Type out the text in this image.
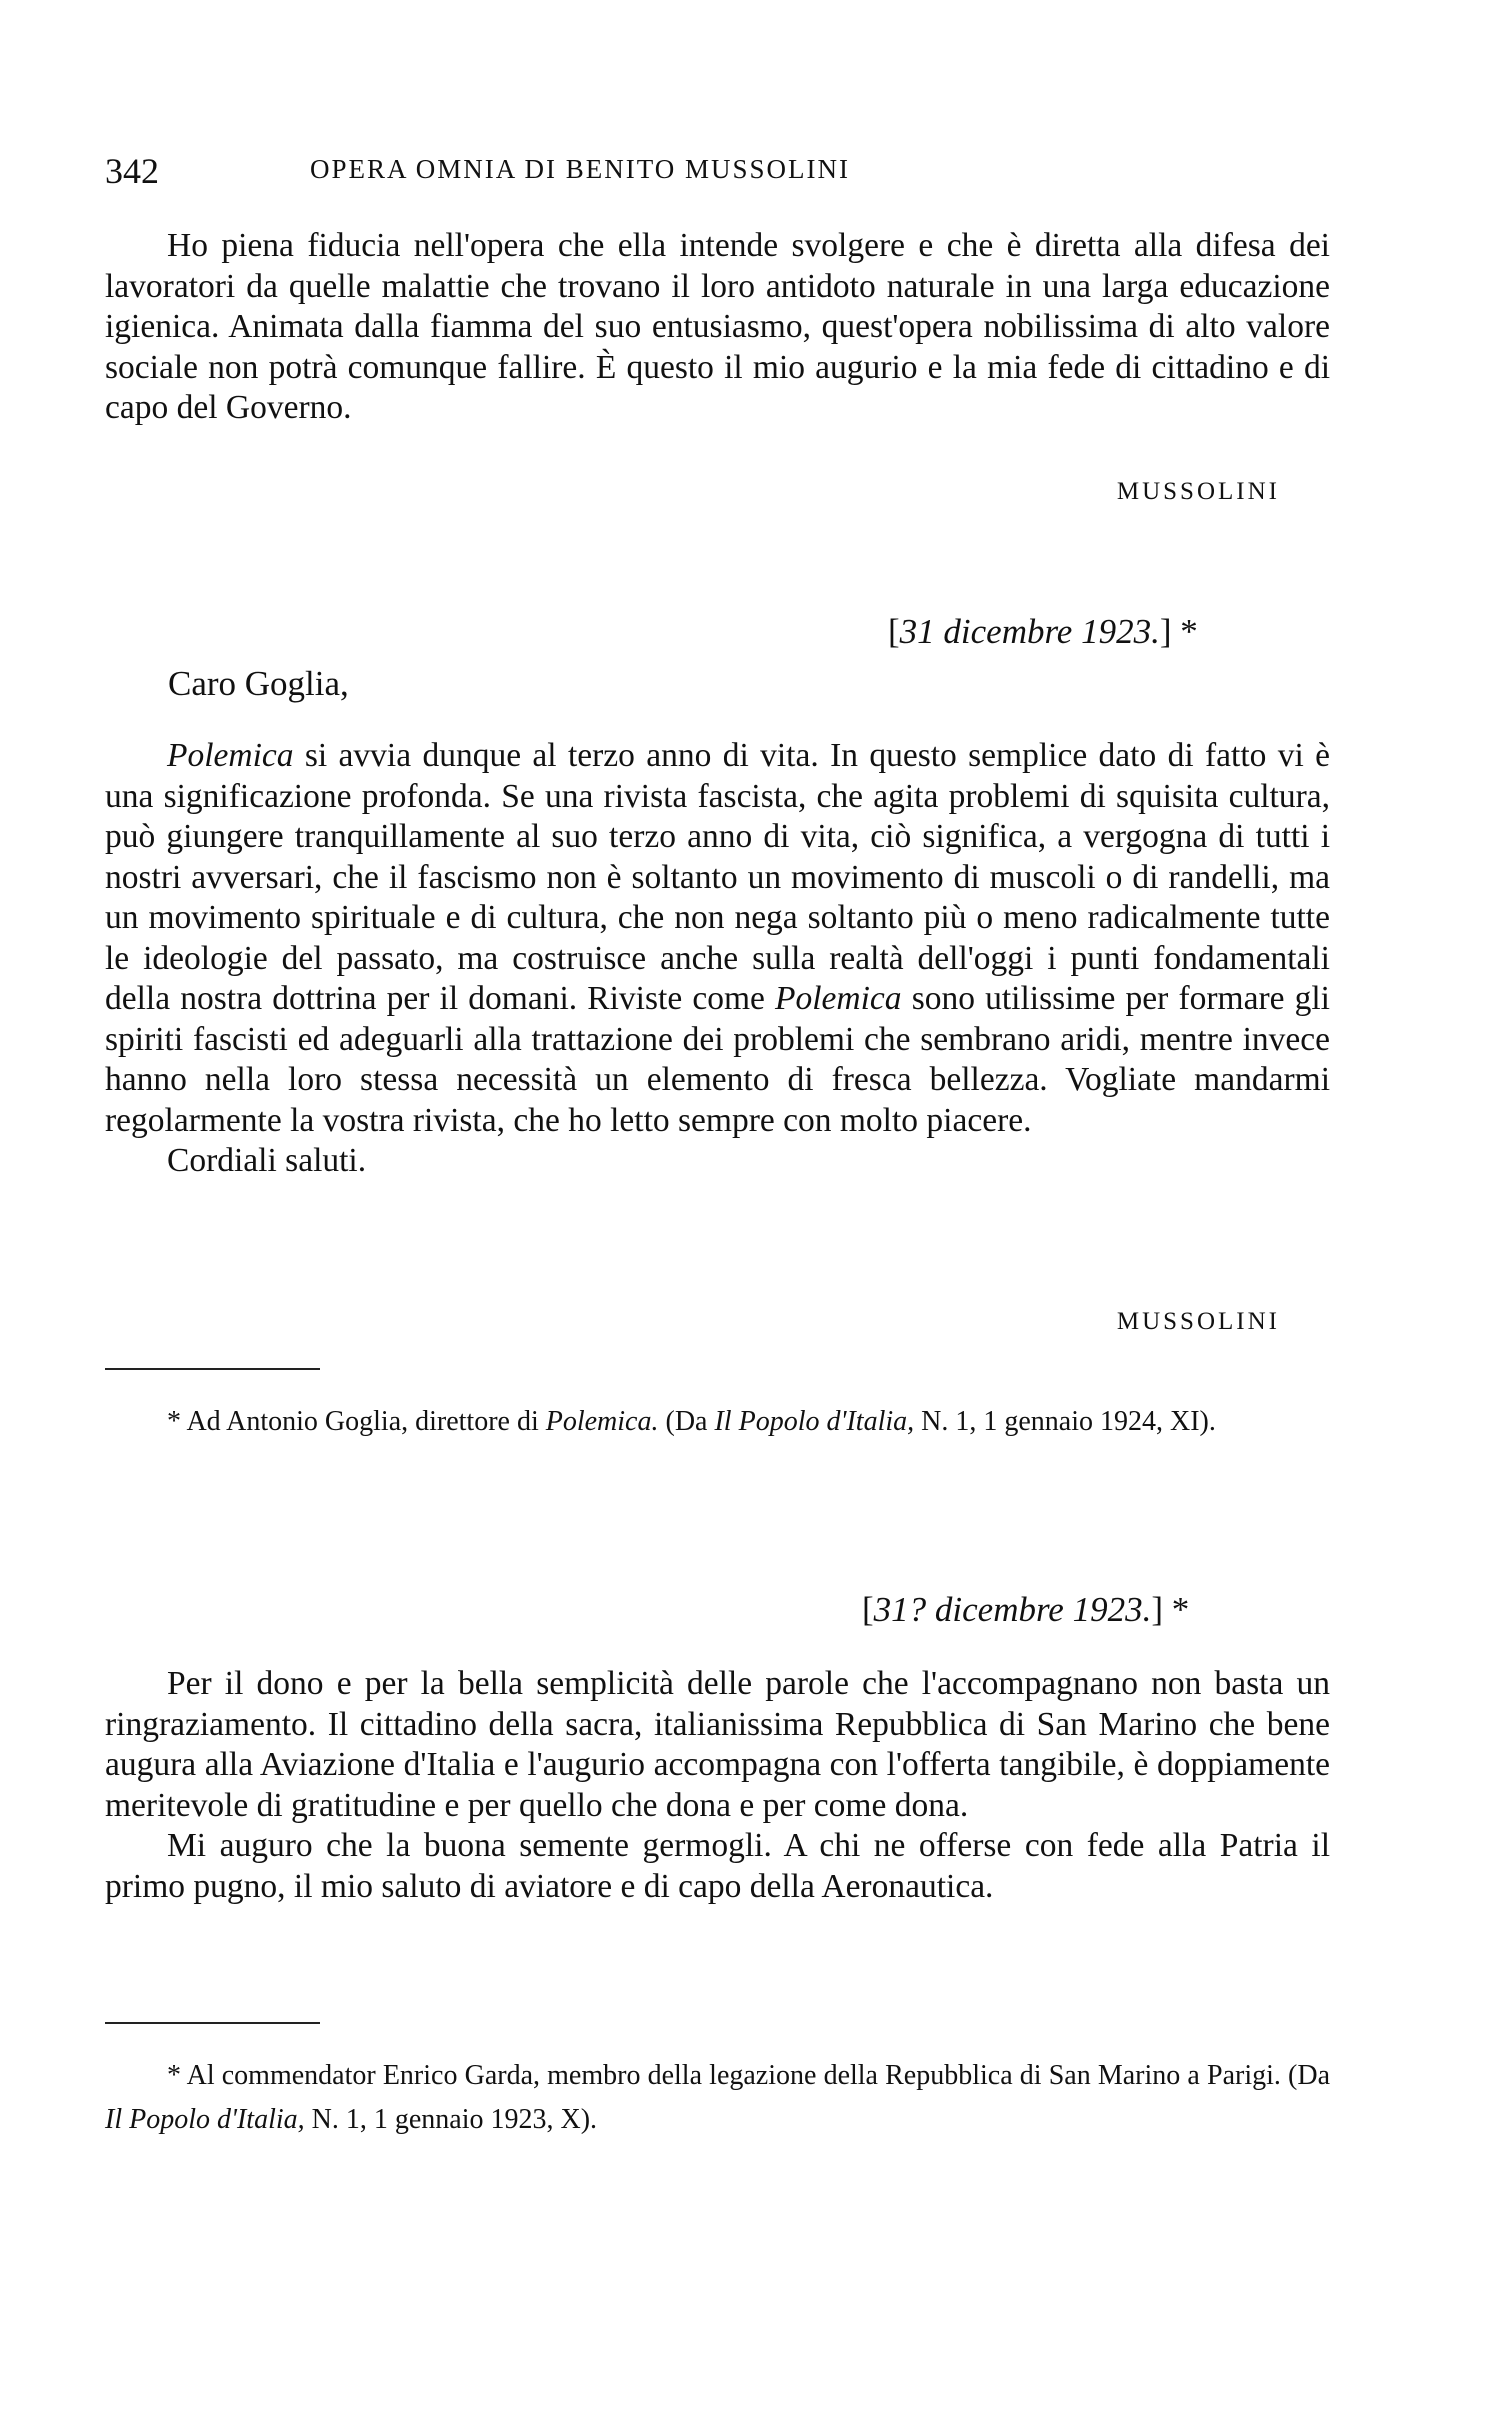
342	OPERA OMNIA DI BENITO MUSSOLINI

Ho piena fiducia nell'opera che ella intende svolgere e che è diretta alla difesa dei lavoratori da quelle malattie che trovano il loro antidoto naturale in una larga educazione igienica. Animata dalla fiamma del suo entusiasmo, quest'opera nobilissima di alto valore sociale non potrà comunque fallire. È questo il mio augurio e la mia fede di cittadino e di capo del Governo.

MUSSOLINI
[31 dicembre 1923.] *
Caro Goglia,

Polemica si avvia dunque al terzo anno di vita. In questo semplice dato di fatto vi è una significazione profonda. Se una rivista fascista, che agita problemi di squisita cultura, può giungere tranquillamente al suo terzo anno di vita, ciò significa, a vergogna di tutti i nostri avversari, che il fascismo non è soltanto un movimento di muscoli o di randelli, ma un movimento spirituale e di cultura, che non nega soltanto più o meno radicalmente tutte le ideologie del passato, ma costruisce anche sulla realtà dell'oggi i punti fondamentali della nostra dottrina per il domani. Riviste come Polemica sono utilissime per formare gli spiriti fascisti ed adeguarli alla trattazione dei problemi che sembrano aridi, mentre invece hanno nella loro stessa necessità un elemento di fresca bellezza. Vogliate mandarmi regolarmente la vostra rivista, che ho letto sempre con molto piacere.

Cordiali saluti.

MUSSOLINI

* Ad Antonio Goglia, direttore di Polemica. (Da Il Popolo d'Italia, N. 1, 1 gennaio 1924, XI).

[31? dicembre 1923.] *

Per il dono e per la bella semplicità delle parole che l'accompagnano non basta un ringraziamento. Il cittadino della sacra, italianissima Repubblica di San Marino che bene augura alla Aviazione d'Italia e l'augurio accompagna con l'offerta tangibile, è doppiamente meritevole di gratitudine e per quello che dona e per come dona.

Mi auguro che la buona semente germogli. A chi ne offerse con fede alla Patria il primo pugno, il mio saluto di aviatore e di capo della Aeronautica.

* Al commendator Enrico Garda, membro della legazione della Repubblica di San Marino a Parigi. (Da Il Popolo d'Italia, N. 1, 1 gennaio 1923, X).
